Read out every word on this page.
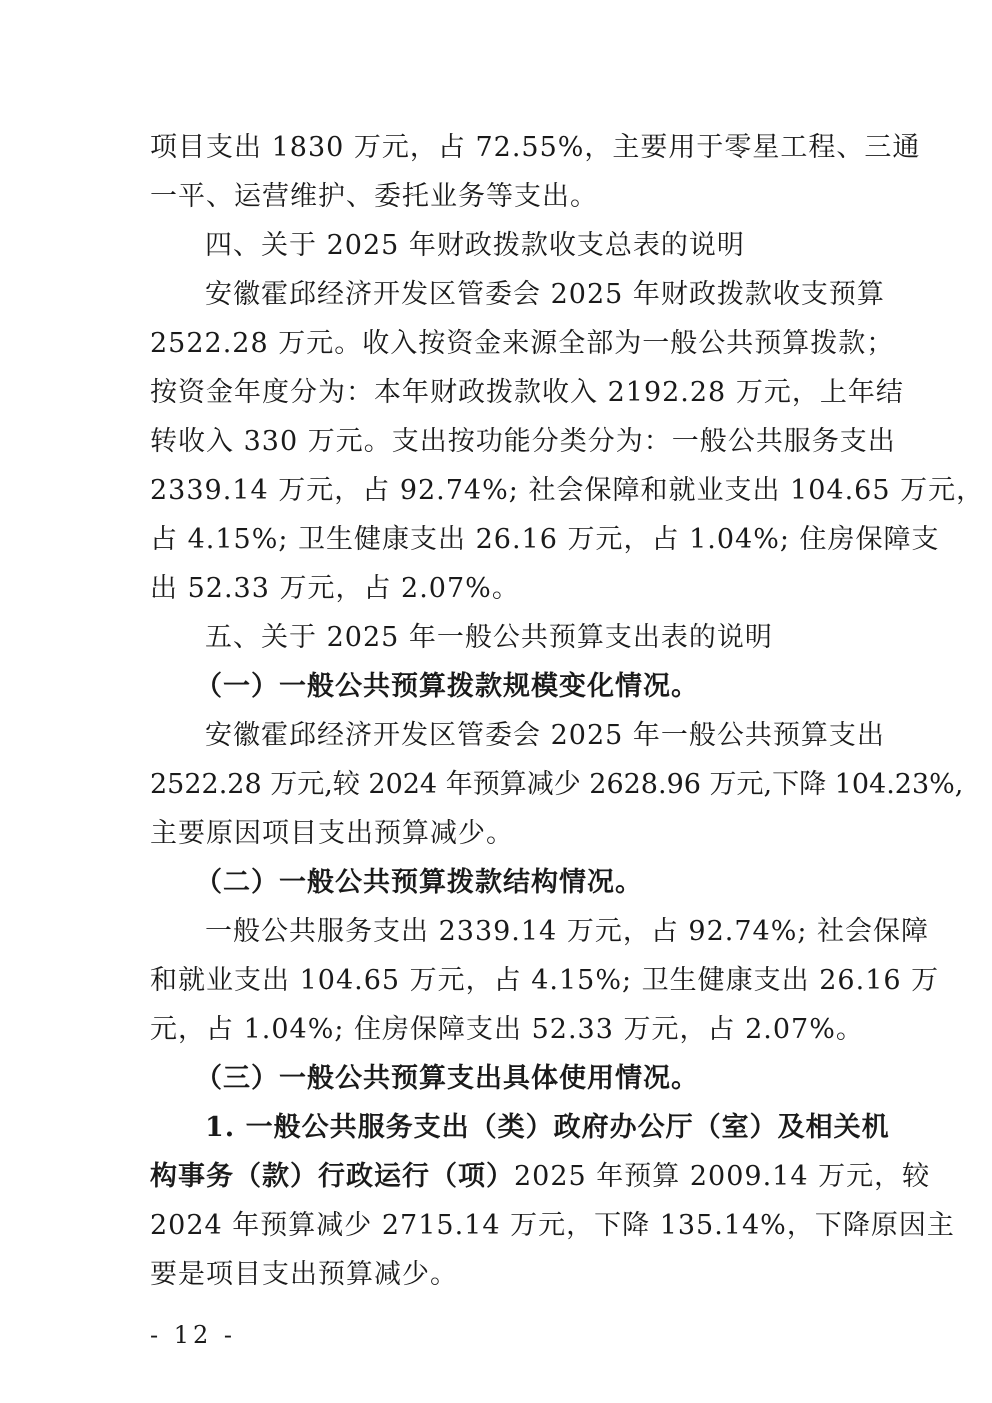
项目支出 1830 万元，占 72.55%，主要用于零星工程、三通
一平、运营维护、委托业务等支出。
四、关于 2025 年财政拨款收支总表的说明
安徽霍邱经济开发区管委会 2025 年财政拨款收支预算
2522.28 万元。收入按资金来源全部为一般公共预算拨款；
按资金年度分为：本年财政拨款收入 2192.28 万元，上年结
转收入 330 万元。支出按功能分类分为：一般公共服务支出
2339.14 万元，占 92.74%; 社会保障和就业支出 104.65 万元，
占 4.15%; 卫生健康支出 26.16 万元，占 1.04%; 住房保障支
出 52.33 万元，占 2.07%。
五、关于 2025 年一般公共预算支出表的说明
（一）一般公共预算拨款规模变化情况。
安徽霍邱经济开发区管委会 2025 年一般公共预算支出
2522.28 万元,较 2024 年预算减少 2628.96 万元,下降 104.23%,
主要原因项目支出预算减少。
（二）一般公共预算拨款结构情况。
一般公共服务支出 2339.14 万元，占 92.74%; 社会保障
和就业支出 104.65 万元，占 4.15%; 卫生健康支出 26.16 万
元，占 1.04%; 住房保障支出 52.33 万元，占 2.07%。
（三）一般公共预算支出具体使用情况。
1. 一般公共服务支出（类）政府办公厅（室）及相关机
构事务（款）行政运行（项）2025 年预算 2009.14 万元，较
2024 年预算减少 2715.14 万元，下降 135.14%，下降原因主
要是项目支出预算减少。
- 12 -
